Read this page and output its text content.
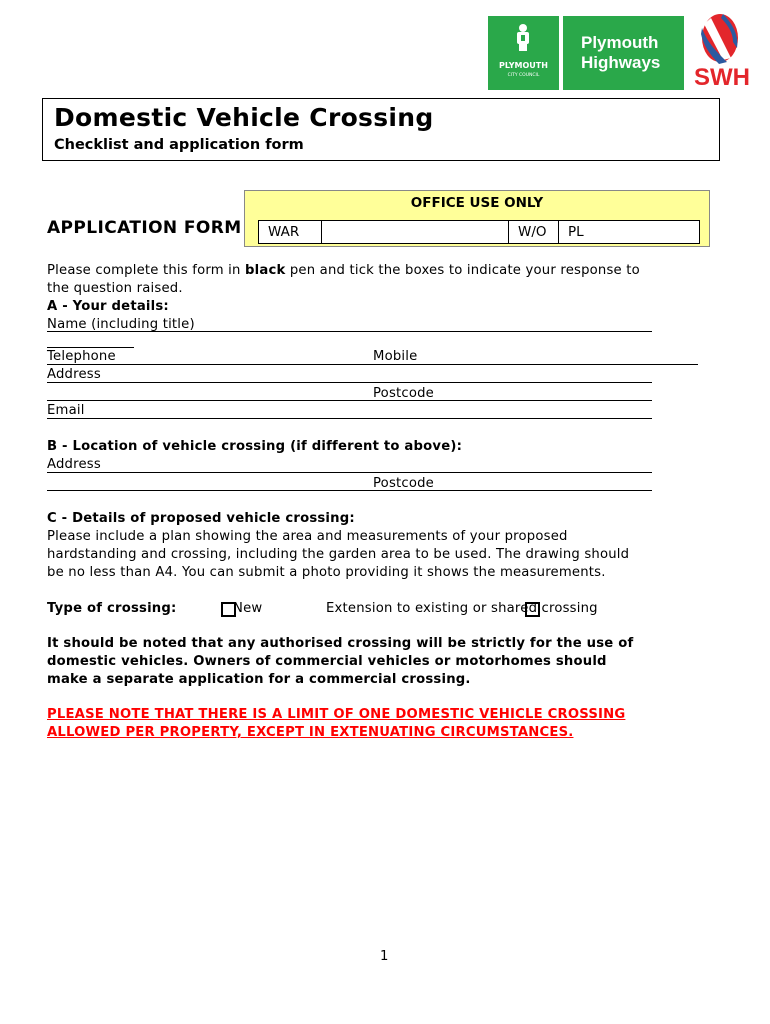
PLYMOUTH
CITY COUNCIL
Plymouth
Highways
SWH
Domestic Vehicle Crossing
Checklist and application form
APPLICATION FORM
OFFICE USE ONLY
WAR	W/O	PL
Please complete this form in black pen and tick the boxes to indicate your response to
the question raised.
A - Your details:
Name (including title)
Telephone	Mobile
Address
Postcode
Email
B - Location of vehicle crossing (if different to above):
Address
Postcode
C - Details of proposed vehicle crossing:
Please include a plan showing the area and measurements of your proposed
hardstanding and crossing, including the garden area to be used. The drawing should
be no less than A4. You can submit a photo providing it shows the measurements.
Type of crossing:	New	Extension to existing or shared crossing
It should be noted that any authorised crossing will be strictly for the use of
domestic vehicles. Owners of commercial vehicles or motorhomes should
make a separate application for a commercial crossing.
PLEASE NOTE THAT THERE IS A LIMIT OF ONE DOMESTIC VEHICLE CROSSING
ALLOWED PER PROPERTY, EXCEPT IN EXTENUATING CIRCUMSTANCES.
1
